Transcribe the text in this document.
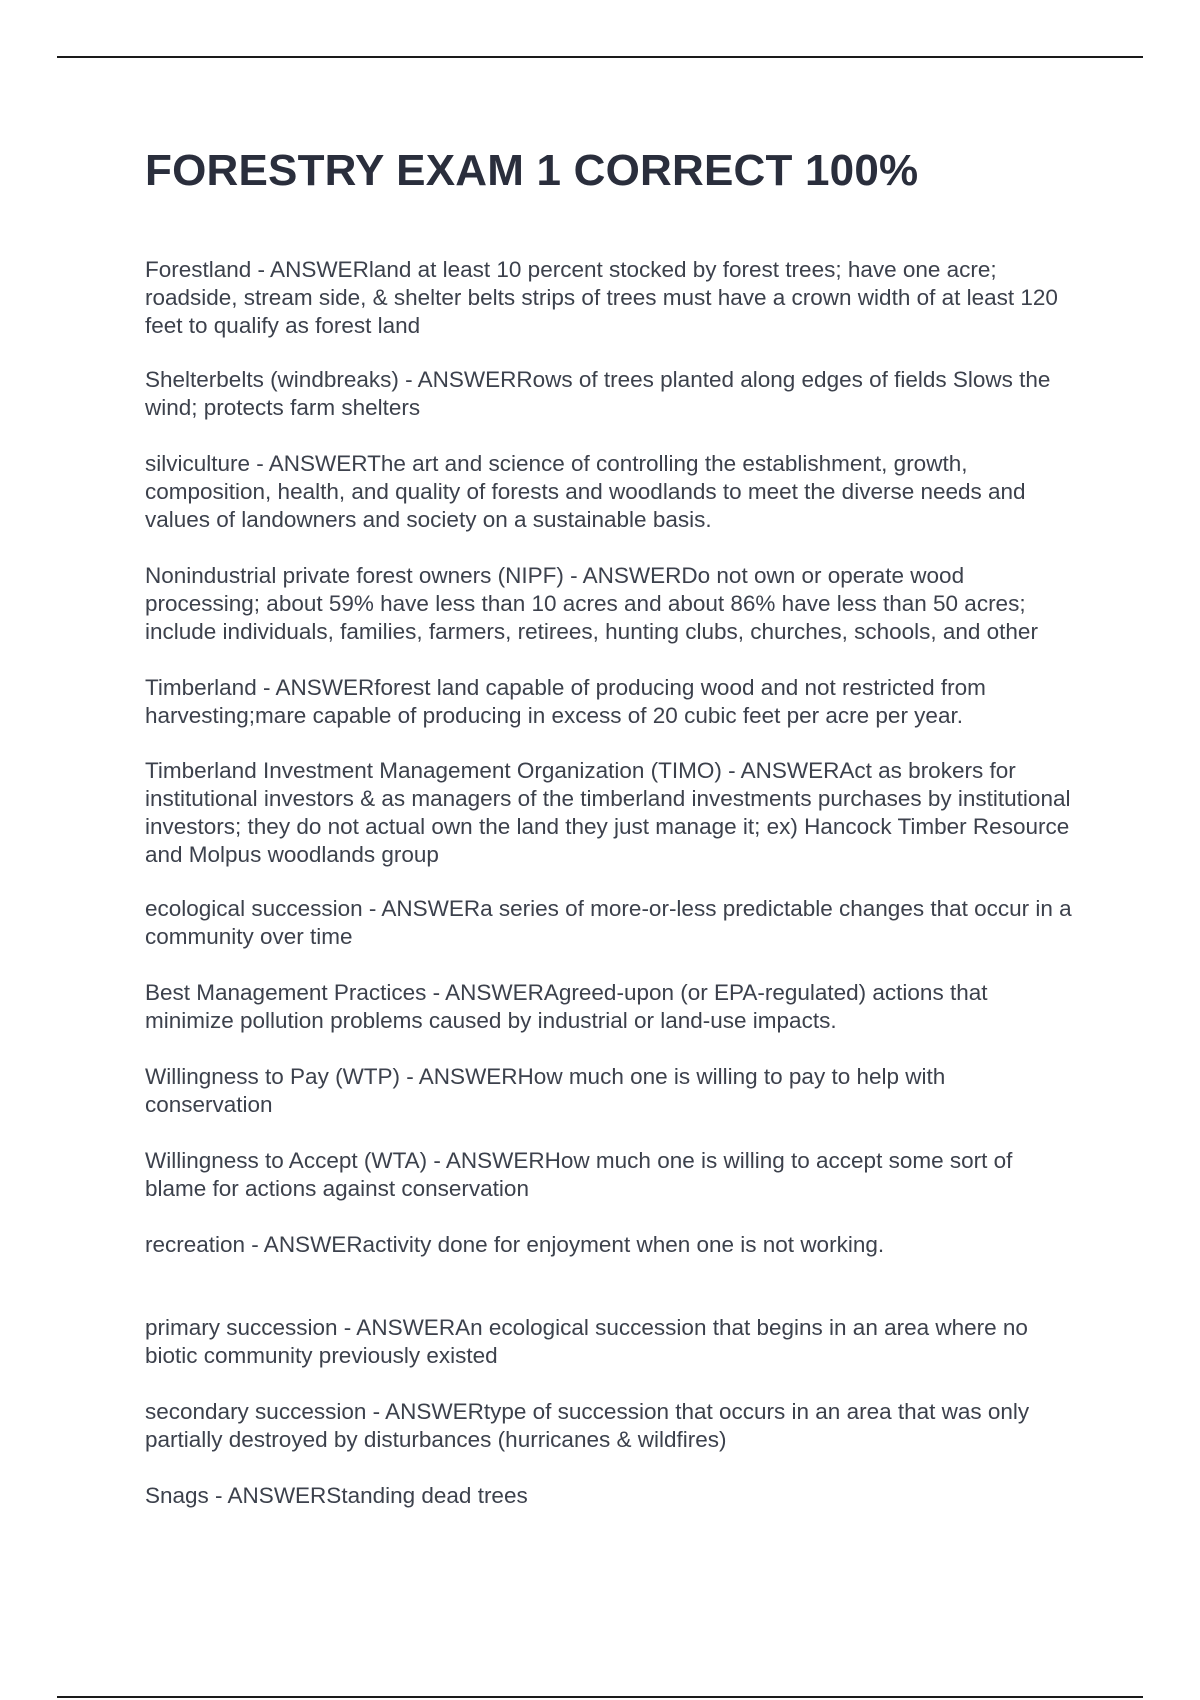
FORESTRY EXAM 1 CORRECT 100%
Forestland - ANSWERland at least 10 percent stocked by forest trees; have one acre; roadside, stream side, & shelter belts strips of trees must have a crown width of at least 120 feet to qualify as forest land
Shelterbelts (windbreaks) - ANSWERRows of trees planted along edges of fields Slows the wind; protects farm shelters
silviculture - ANSWERThe art and science of controlling the establishment, growth, composition, health, and quality of forests and woodlands to meet the diverse needs and values of landowners and society on a sustainable basis.
Nonindustrial private forest owners (NIPF) - ANSWERDo not own or operate wood processing; about 59% have less than 10 acres and about 86% have less than 50 acres; include individuals, families, farmers, retirees, hunting clubs, churches, schools, and other
Timberland - ANSWERforest land capable of producing wood and not restricted from harvesting;mare capable of producing in excess of 20 cubic feet per acre per year.
Timberland Investment Management Organization (TIMO) - ANSWERAct as brokers for institutional investors & as managers of the timberland investments purchases by institutional investors; they do not actual own the land they just manage it; ex) Hancock Timber Resource and Molpus woodlands group
ecological succession - ANSWERa series of more-or-less predictable changes that occur in a community over time
Best Management Practices - ANSWERAgreed-upon (or EPA-regulated) actions that minimize pollution problems caused by industrial or land-use impacts.
Willingness to Pay (WTP) - ANSWERHow much one is willing to pay to help with conservation
Willingness to Accept (WTA) - ANSWERHow much one is willing to accept some sort of blame for actions against conservation
recreation - ANSWERactivity done for enjoyment when one is not working.
primary succession - ANSWERAn ecological succession that begins in an area where no biotic community previously existed
secondary succession - ANSWERtype of succession that occurs in an area that was only partially destroyed by disturbances (hurricanes & wildfires)
Snags - ANSWERStanding dead trees
